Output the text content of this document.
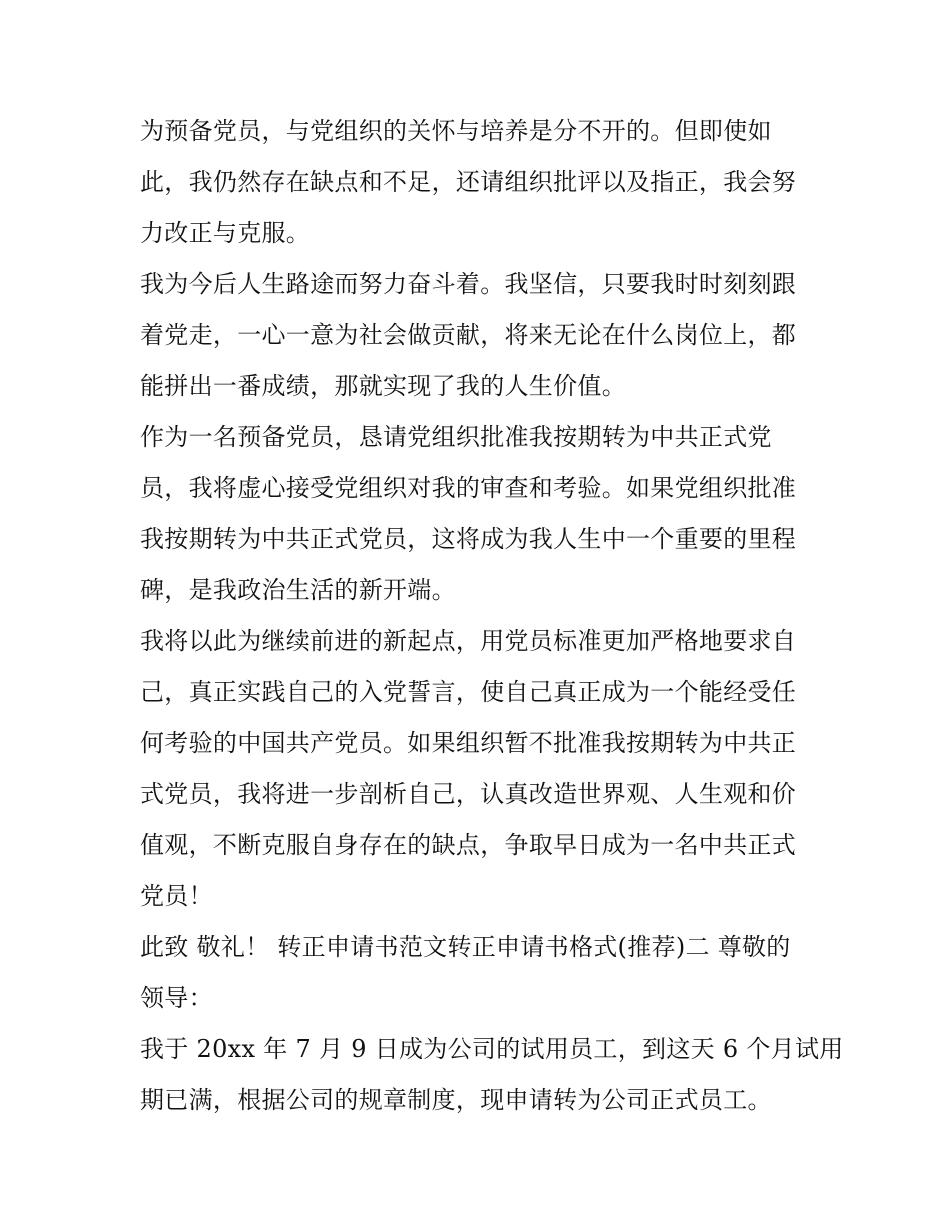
为预备党员，与党组织的关怀与培养是分不开的。但即使如
此，我仍然存在缺点和不足，还请组织批评以及指正，我会努
力改正与克服。

我为今后人生路途而努力奋斗着。我坚信，只要我时时刻刻跟
着党走，一心一意为社会做贡献，将来无论在什么岗位上，都
能拼出一番成绩，那就实现了我的人生价值。

作为一名预备党员，恳请党组织批准我按期转为中共正式党
员，我将虚心接受党组织对我的审查和考验。如果党组织批准
我按期转为中共正式党员，这将成为我人生中一个重要的里程
碑，是我政治生活的新开端。

我将以此为继续前进的新起点，用党员标准更加严格地要求自
己，真正实践自己的入党誓言，使自己真正成为一个能经受任
何考验的中国共产党员。如果组织暂不批准我按期转为中共正
式党员，我将进一步剖析自己，认真改造世界观、人生观和价
值观，不断克服自身存在的缺点，争取早日成为一名中共正式
党员！

此致 敬礼！ 转正申请书范文转正申请书格式(推荐)二 尊敬的
领导：

我于 20xx 年 7 月 9 日成为公司的试用员工，到这天 6 个月试用
期已满，根据公司的规章制度，现申请转为公司正式员工。
